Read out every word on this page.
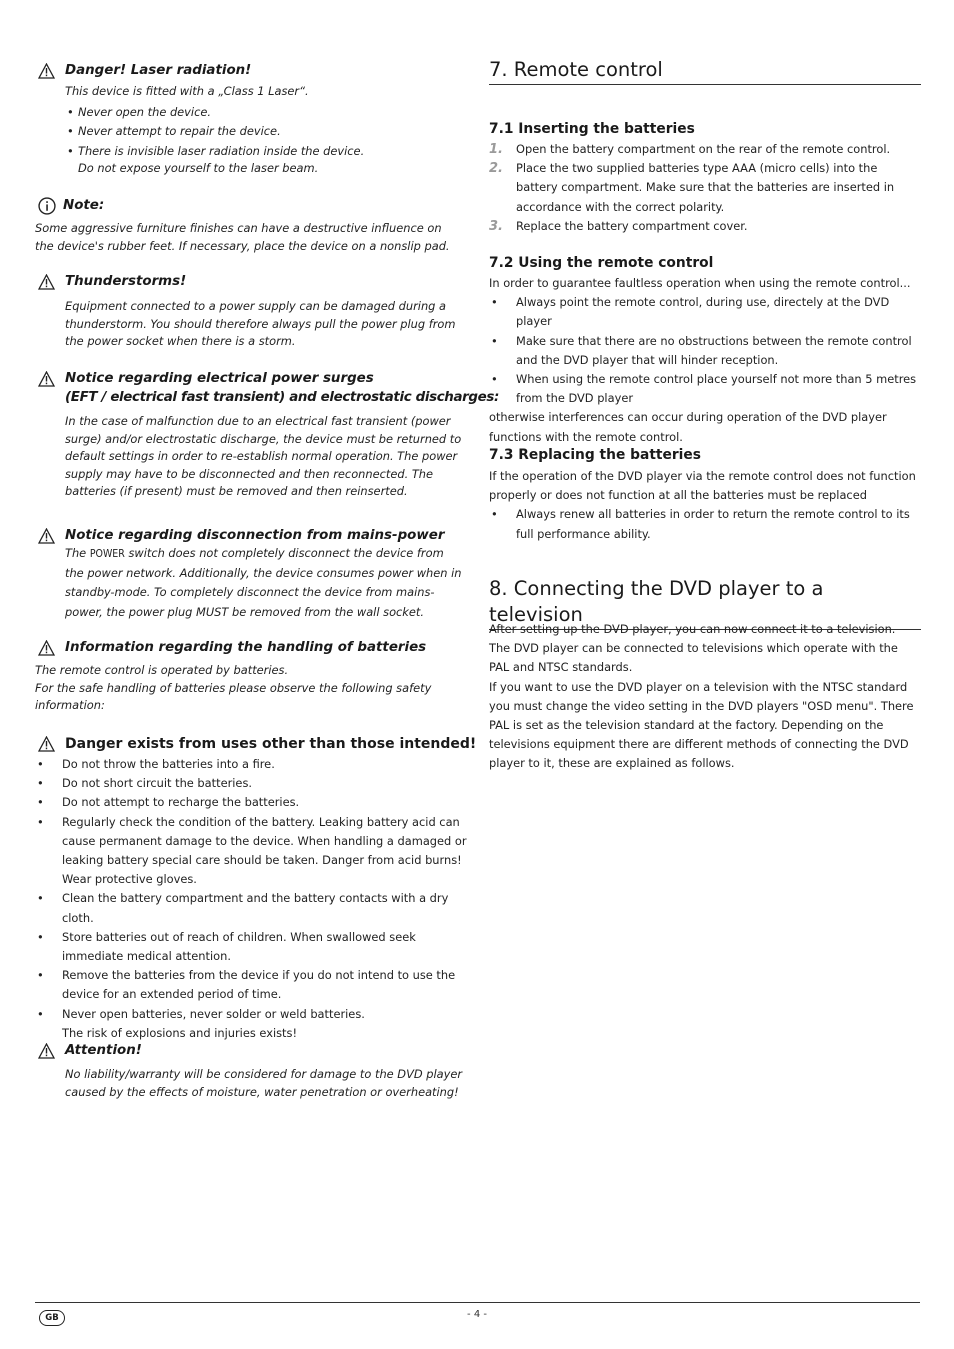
Danger! Laser radiation!
This device is fitted with a „Class 1 Laser“.
• Never open the device.
• Never attempt to repair the device.
• There is invisible laser radiation inside the device.
Do not expose yourself to the laser beam.
Note:
Some aggressive furniture finishes can have a destructive influence on the device's rubber feet. If necessary, place the device on a nonslip pad.
Thunderstorms!
Equipment connected to a power supply can be damaged during a thunderstorm. You should therefore always pull the power plug from the power socket when there is a storm.
Notice regarding electrical power surges
(EFT / electrical fast transient) and electrostatic discharges:
In the case of malfunction due to an electrical fast transient (power surge) and/or electrostatic discharge, the device must be returned to default settings in order to re-establish normal operation. The power supply may have to be disconnected and then reconnected. The batteries (if present) must be removed and then reinserted.
Notice regarding disconnection from mains-power
The POWER switch does not completely disconnect the device from the power network. Additionally, the device consumes power when in standby-mode. To completely disconnect the device from mains-power, the power plug MUST be removed from the wall socket.
Information regarding the handling of batteries
The remote control is operated by batteries.
For the safe handling of batteries please observe the following safety information:
Danger exists from uses other than those intended!
• Do not throw the batteries into a fire.
• Do not short circuit the batteries.
• Do not attempt to recharge the batteries.
• Regularly check the condition of the battery. Leaking battery acid can cause permanent damage to the device. When handling a damaged or leaking battery special care should be taken. Danger from acid burns! Wear protective gloves.
• Clean the battery compartment and the battery contacts with a dry cloth.
• Store batteries out of reach of children. When swallowed seek immediate medical attention.
• Remove the batteries from the device if you do not intend to use the device for an extended period of time.
• Never open batteries, never solder or weld batteries.
The risk of explosions and injuries exists!
Attention!
No liability/warranty will be considered for damage to the DVD player caused by the effects of moisture, water penetration or overheating!
7. Remote control
7.1 Inserting the batteries
1. Open the battery compartment on the rear of the remote control.
2. Place the two supplied batteries type AAA (micro cells) into the battery compartment. Make sure that the batteries are inserted in accordance with the correct polarity.
3. Replace the battery compartment cover.
7.2 Using the remote control
In order to guarantee faultless operation when using the remote control...
• Always point the remote control, during use, directely at the DVD player
• Make sure that there are no obstructions between the remote control and the DVD player that will hinder reception.
• When using the remote control place yourself not more than 5 metres from the DVD player
otherwise interferences can occur during operation of the DVD player functions with the remote control.
7.3 Replacing the batteries
If the operation of the DVD player via the remote control does not function properly or does not function at all the batteries must be replaced
• Always renew all batteries in order to return the remote control to its full performance ability.
8. Connecting the DVD player to a television
After setting up the DVD player, you can now connect it to a television.
The DVD player can be connected to televisions which operate with the PAL and NTSC standards.
If you want to use the DVD player on a television with the NTSC standard you must change the video setting in the DVD players "OSD menu". There PAL is set as the television standard at the factory. Depending on the televisions equipment there are different methods of connecting the DVD player to it, these are explained as follows.
GB	- 4 -
